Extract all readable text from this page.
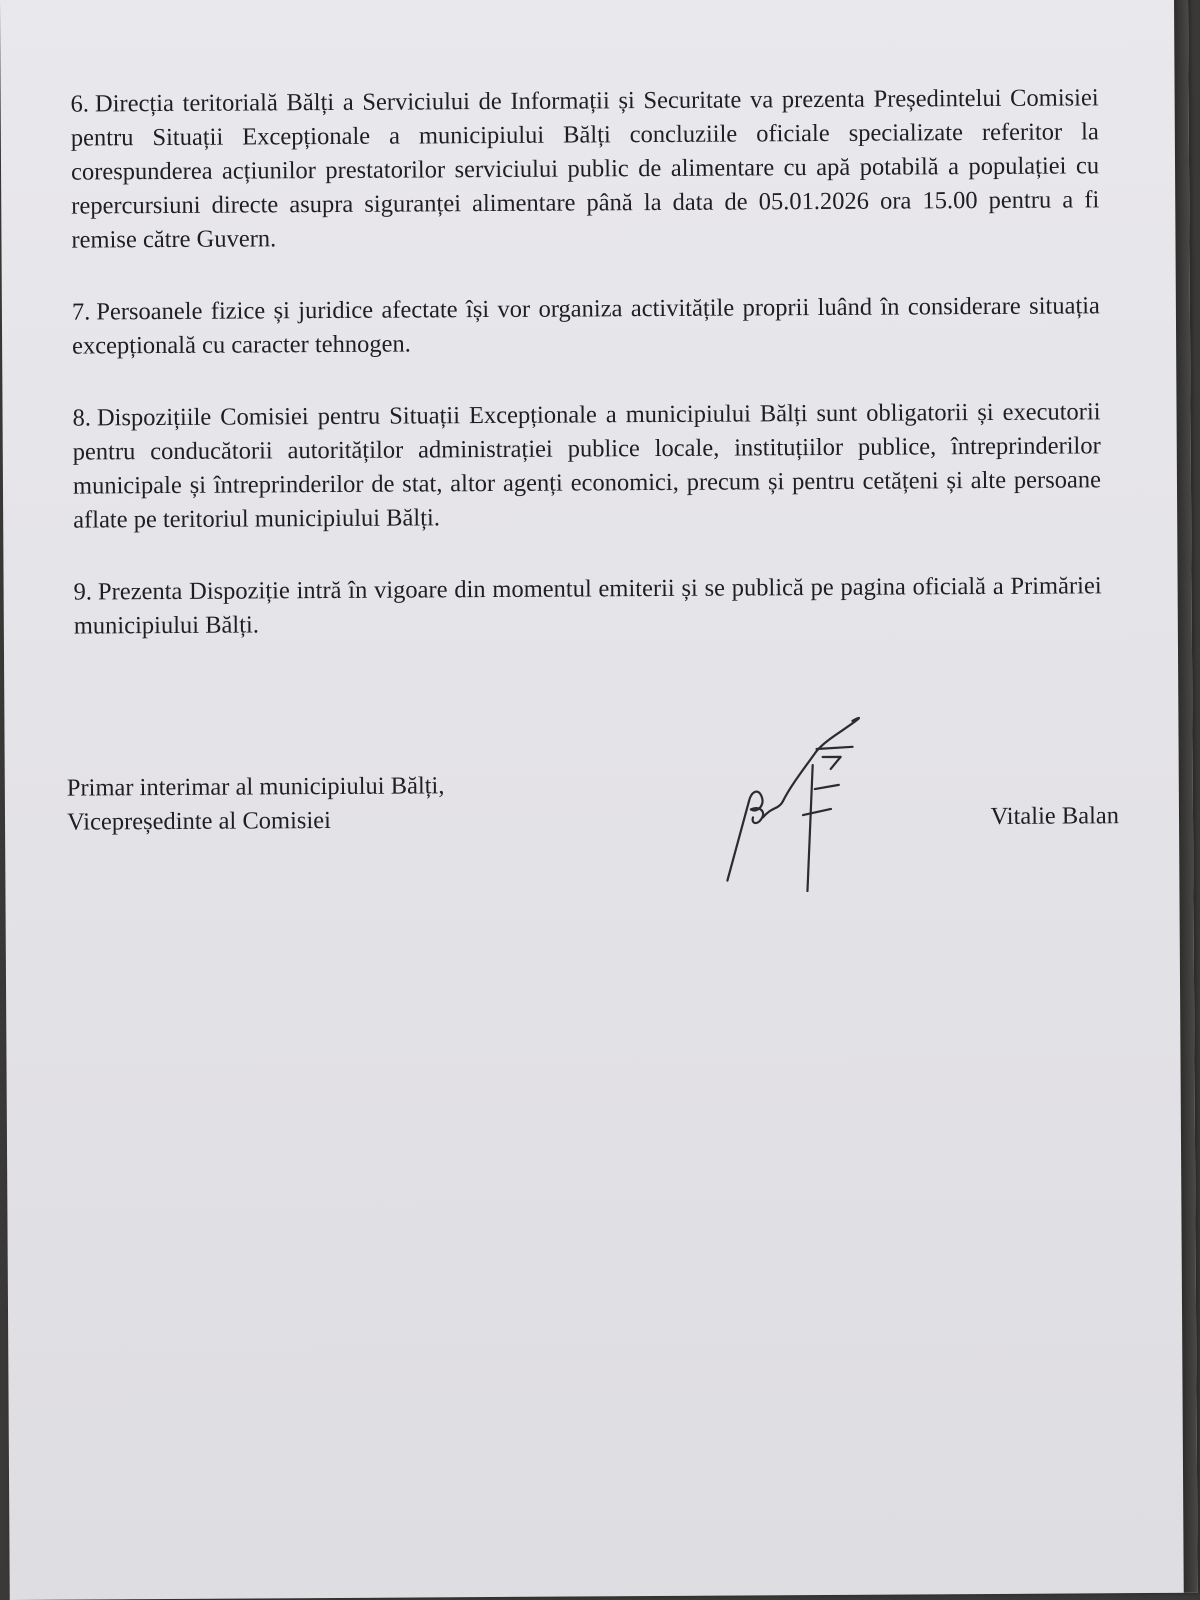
6. Direcția teritorială Bălți a Serviciului de Informații și Securitate va prezenta Președintelui Comisiei pentru Situații Excepționale a municipiului Bălți concluziile oficiale specializate referitor la corespunderea acțiunilor prestatorilor serviciului public de alimentare cu apă potabilă a populației cu repercursiuni directe asupra siguranței alimentare până la data de 05.01.2026 ora 15.00 pentru a fi remise către Guvern.

7. Persoanele fizice și juridice afectate își vor organiza activitățile proprii luând în considerare situația excepțională cu caracter tehnogen.

8. Dispozițiile Comisiei pentru Situații Excepționale a municipiului Bălți sunt obligatorii și executorii pentru conducătorii autorităților administrației publice locale, instituțiilor publice, întreprinderilor municipale și întreprinderilor de stat, altor agenți economici, precum și pentru cetățeni și alte persoane aflate pe teritoriul municipiului Bălți.

9. Prezenta Dispoziție intră în vigoare din momentul emiterii și se publică pe pagina oficială a Primăriei municipiului Bălți.

Primar interimar al municipiului Bălți,
Vicepreședinte al Comisiei	Vitalie Balan
